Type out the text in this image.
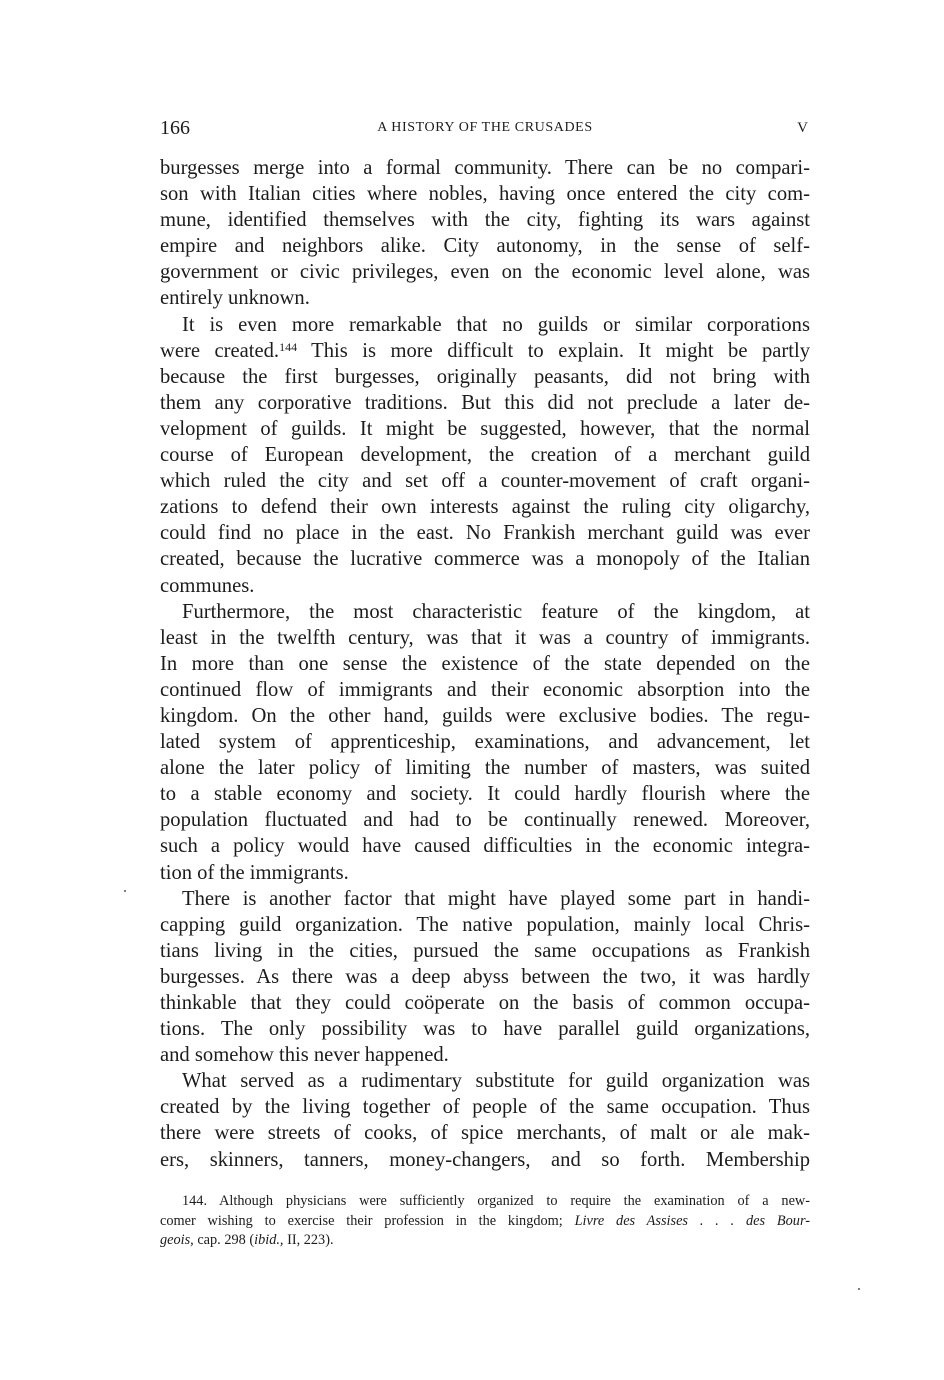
166	A HISTORY OF THE CRUSADES	V
burgesses merge into a formal community. There can be no compari-
son with Italian cities where nobles, having once entered the city com-
mune, identified themselves with the city, fighting its wars against
empire and neighbors alike. City autonomy, in the sense of self-
government or civic privileges, even on the economic level alone, was
entirely unknown.
It is even more remarkable that no guilds or similar corporations
were created.$^{144}$ This is more difficult to explain. It might be partly
because the first burgesses, originally peasants, did not bring with
them any corporative traditions. But this did not preclude a later de-
velopment of guilds. It might be suggested, however, that the normal
course of European development, the creation of a merchant guild
which ruled the city and set off a counter-movement of craft organi-
zations to defend their own interests against the ruling city oligarchy,
could find no place in the east. No Frankish merchant guild was ever
created, because the lucrative commerce was a monopoly of the Italian
communes.
Furthermore, the most characteristic feature of the kingdom, at
least in the twelfth century, was that it was a country of immigrants.
In more than one sense the existence of the state depended on the
continued flow of immigrants and their economic absorption into the
kingdom. On the other hand, guilds were exclusive bodies. The regu-
lated system of apprenticeship, examinations, and advancement, let
alone the later policy of limiting the number of masters, was suited
to a stable economy and society. It could hardly flourish where the
population fluctuated and had to be continually renewed. Moreover,
such a policy would have caused difficulties in the economic integra-
tion of the immigrants.
There is another factor that might have played some part in handi-
capping guild organization. The native population, mainly local Chris-
tians living in the cities, pursued the same occupations as Frankish
burgesses. As there was a deep abyss between the two, it was hardly
thinkable that they could coöperate on the basis of common occupa-
tions. The only possibility was to have parallel guild organizations,
and somehow this never happened.
What served as a rudimentary substitute for guild organization was
created by the living together of people of the same occupation. Thus
there were streets of cooks, of spice merchants, of malt or ale mak-
ers, skinners, tanners, money-changers, and so forth. Membership
144. Although physicians were sufficiently organized to require the examination of a new-
comer wishing to exercise their profession in the kingdom; Livre des Assises . . . des Bour-
geois, cap. 298 (ibid., II, 223).
